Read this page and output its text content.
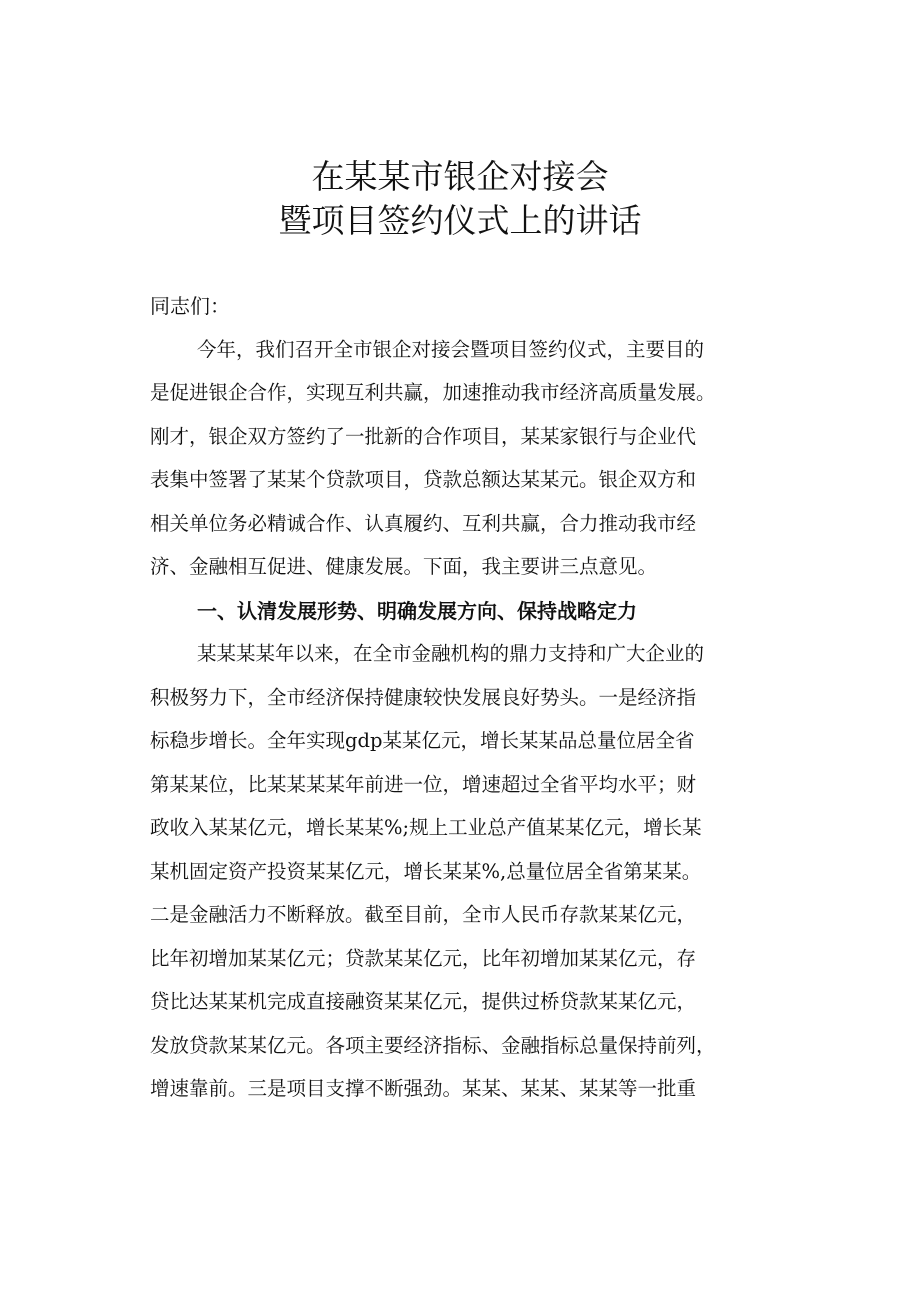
在某某市银企对接会
暨项目签约仪式上的讲话
同志们：
今年，我们召开全市银企对接会暨项目签约仪式，主要目的
是促进银企合作，实现互利共赢，加速推动我市经济高质量发展。
刚才，银企双方签约了一批新的合作项目，某某家银行与企业代
表集中签署了某某个贷款项目，贷款总额达某某元。银企双方和
相关单位务必精诚合作、认真履约、互利共赢，合力推动我市经
济、金融相互促进、健康发展。下面，我主要讲三点意见。
一、认清发展形势、明确发展方向、保持战略定力
某某某某年以来，在全市金融机构的鼎力支持和广大企业的
积极努力下，全市经济保持健康较快发展良好势头。一是经济指
标稳步增长。全年实现gdp某某亿元，增长某某品总量位居全省
第某某位，比某某某某年前进一位，增速超过全省平均水平；财
政收入某某亿元，增长某某%;规上工业总产值某某亿元，增长某
某机固定资产投资某某亿元，增长某某%,总量位居全省第某某。
二是金融活力不断释放。截至目前，全市人民币存款某某亿元，
比年初增加某某亿元；贷款某某亿元，比年初增加某某亿元，存
贷比达某某机完成直接融资某某亿元，提供过桥贷款某某亿元，
发放贷款某某亿元。各项主要经济指标、金融指标总量保持前列，
增速靠前。三是项目支撑不断强劲。某某、某某、某某等一批重
